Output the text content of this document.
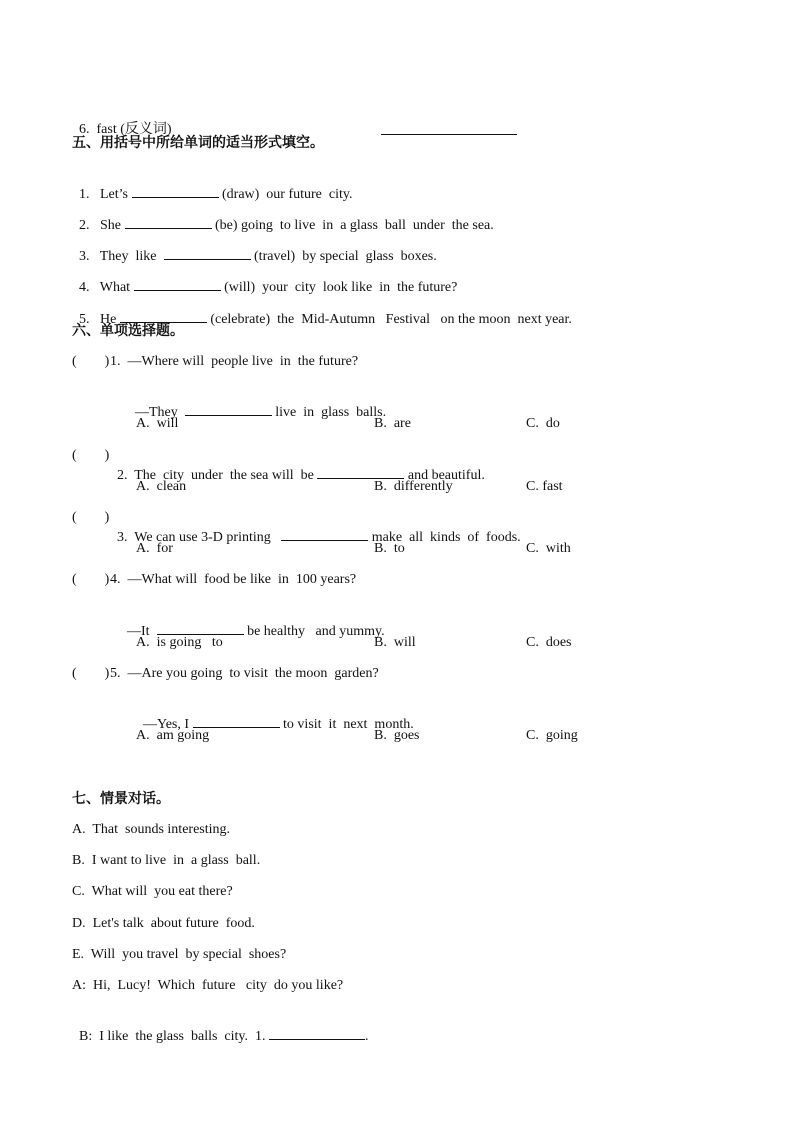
6.  fast (反义词)

五、用括号中所给单词的适当形式填空。

1.   Let’s	(draw)  our future  city.

2.   She	(be) going  to live  in  a glass  ball  under  the sea.

3.   They  like	(travel)  by special  glass  boxes.

4.   What	(will)  your  city  look like  in  the future?

5.   He	(celebrate)  the  Mid-Autumn   Festival   on the moon  next year.

六、单项选择题。
(        ) 1.  —Where will  people live  in  the future?

—They	live  in  glass  balls.

A.  will	B.  are	C.  do
(        )

2.  The  city  under  the sea will  be	and beautiful.

A.  clean	B.  differently	C. fast
(        )

3.  We can use 3-D printing	make  all  kinds  of  foods.

A.  for	B.  to	C.  with
(        ) 4.  —What will  food be like  in  100 years?

—It	be healthy   and yummy.

A.  is going   to	B.  will	C.  does
(        ) 5.  —Are you going  to visit  the moon  garden?

—Yes, I	to visit  it  next  month.

A.  am going	B.  goes	C.  going
七、情景对话。
A.  That  sounds interesting.
B.  I want to live  in  a glass  ball.
C.  What will  you eat there?
D.  Let's talk  about future  food.
E.  Will  you travel  by special  shoes?
A:  Hi,  Lucy!  Which  future   city  do you like?

B:  I like  the glass  balls  city.  1.	.
